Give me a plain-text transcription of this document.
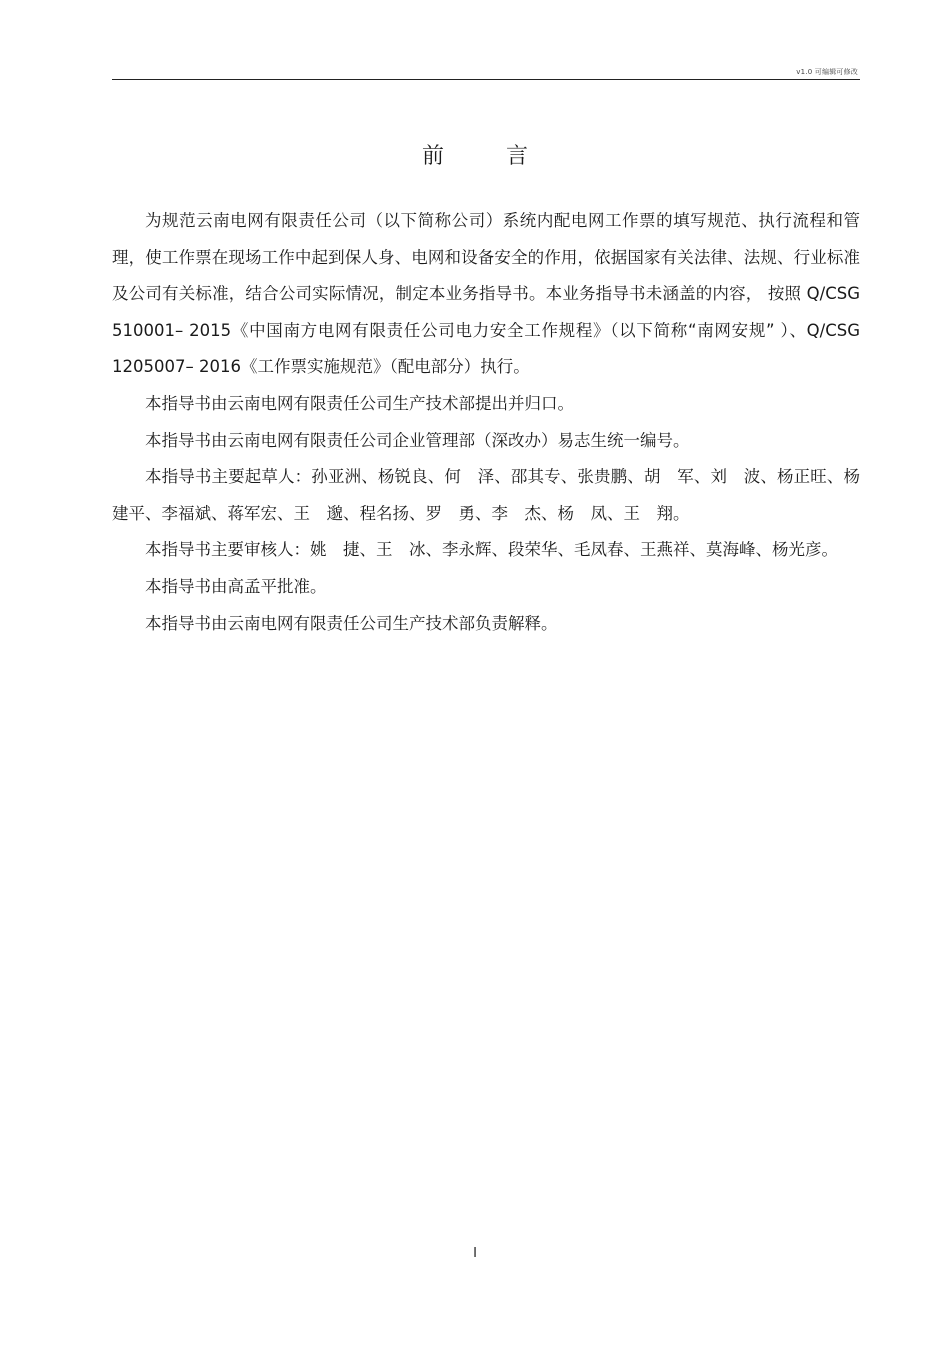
v1.0 可编辑可修改
前言

为规范云南电网有限责任公司（以下简称公司）系统内配电网工作票的填写规范、执行流程和管理，使工作票在现场工作中起到保人身、电网和设备安全的作用，依据国家有关法律、法规、行业标准及公司有关标准，结合公司实际情况，制定本业务指导书。本业务指导书未涵盖的内容， 按照 Q/CSG 510001– 2015《中国南方电网有限责任公司电力安全工作规程》（以下简称“南网安规” ）、Q/CSG 1205007– 2016《工作票实施规范》（配电部分）执行。

本指导书由云南电网有限责任公司生产技术部提出并归口。

本指导书由云南电网有限责任公司企业管理部（深改办）易志生统一编号。

本指导书主要起草人：孙亚洲、杨锐良、何　泽、邵其专、张贵鹏、胡　军、刘　波、杨正旺、杨建平、李福斌、蒋军宏、王　邈、程名扬、罗　勇、李　杰、杨　凤、王　翔。

本指导书主要审核人：姚　捷、王　冰、李永辉、段荣华、毛凤春、王燕祥、莫海峰、杨光彦。

本指导书由高孟平批准。

本指导书由云南电网有限责任公司生产技术部负责解释。

I
